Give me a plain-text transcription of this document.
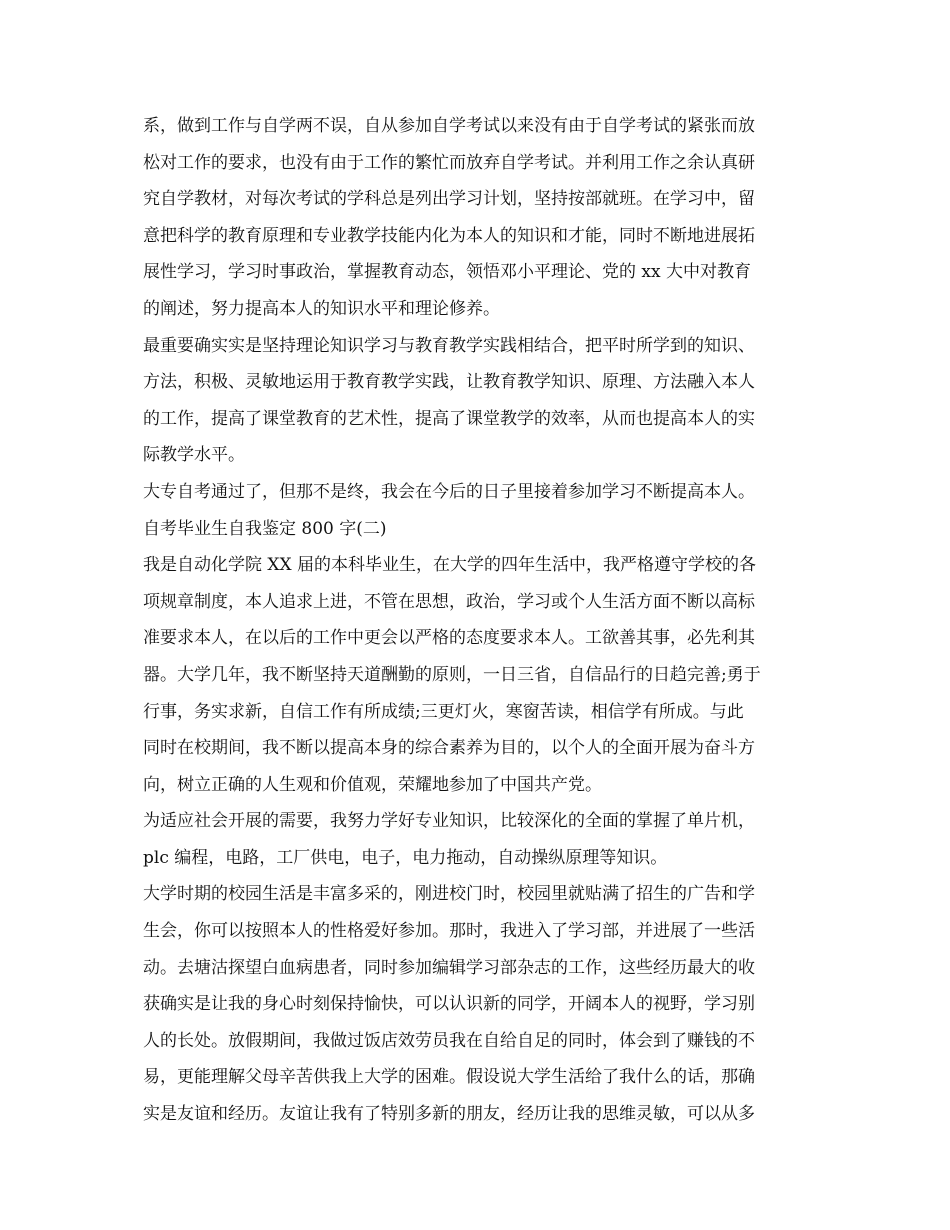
系，做到工作与自学两不误，自从参加自学考试以来没有由于自学考试的紧张而放
松对工作的要求，也没有由于工作的繁忙而放弃自学考试。并利用工作之余认真研
究自学教材，对每次考试的学科总是列出学习计划，坚持按部就班。在学习中，留
意把科学的教育原理和专业教学技能内化为本人的知识和才能，同时不断地进展拓
展性学习，学习时事政治，掌握教育动态，领悟邓小平理论、党的 xx 大中对教育
的阐述，努力提高本人的知识水平和理论修养。
最重要确实实是坚持理论知识学习与教育教学实践相结合，把平时所学到的知识、
方法，积极、灵敏地运用于教育教学实践，让教育教学知识、原理、方法融入本人
的工作，提高了课堂教育的艺术性，提高了课堂教学的效率，从而也提高本人的实
际教学水平。
大专自考通过了，但那不是终，我会在今后的日子里接着参加学习不断提高本人。
自考毕业生自我鉴定 800 字(二)
我是自动化学院 XX 届的本科毕业生，在大学的四年生活中，我严格遵守学校的各
项规章制度，本人追求上进，不管在思想，政治，学习或个人生活方面不断以高标
准要求本人，在以后的工作中更会以严格的态度要求本人。工欲善其事，必先利其
器。大学几年，我不断坚持天道酬勤的原则，一日三省，自信品行的日趋完善;勇于
行事，务实求新，自信工作有所成绩;三更灯火，寒窗苦读，相信学有所成。与此
同时在校期间，我不断以提高本身的综合素养为目的，以个人的全面开展为奋斗方
向，树立正确的人生观和价值观，荣耀地参加了中国共产党。
为适应社会开展的需要，我努力学好专业知识，比较深化的全面的掌握了单片机，
plc 编程，电路，工厂供电，电子，电力拖动，自动操纵原理等知识。
大学时期的校园生活是丰富多采的，刚进校门时，校园里就贴满了招生的广告和学
生会，你可以按照本人的性格爱好参加。那时，我进入了学习部，并进展了一些活
动。去塘沽探望白血病患者，同时参加编辑学习部杂志的工作，这些经历最大的收
获确实是让我的身心时刻保持愉快，可以认识新的同学，开阔本人的视野，学习别
人的长处。放假期间，我做过饭店效劳员我在自给自足的同时，体会到了赚钱的不
易，更能理解父母辛苦供我上大学的困难。假设说大学生活给了我什么的话，那确
实是友谊和经历。友谊让我有了特别多新的朋友，经历让我的思维灵敏，可以从多
